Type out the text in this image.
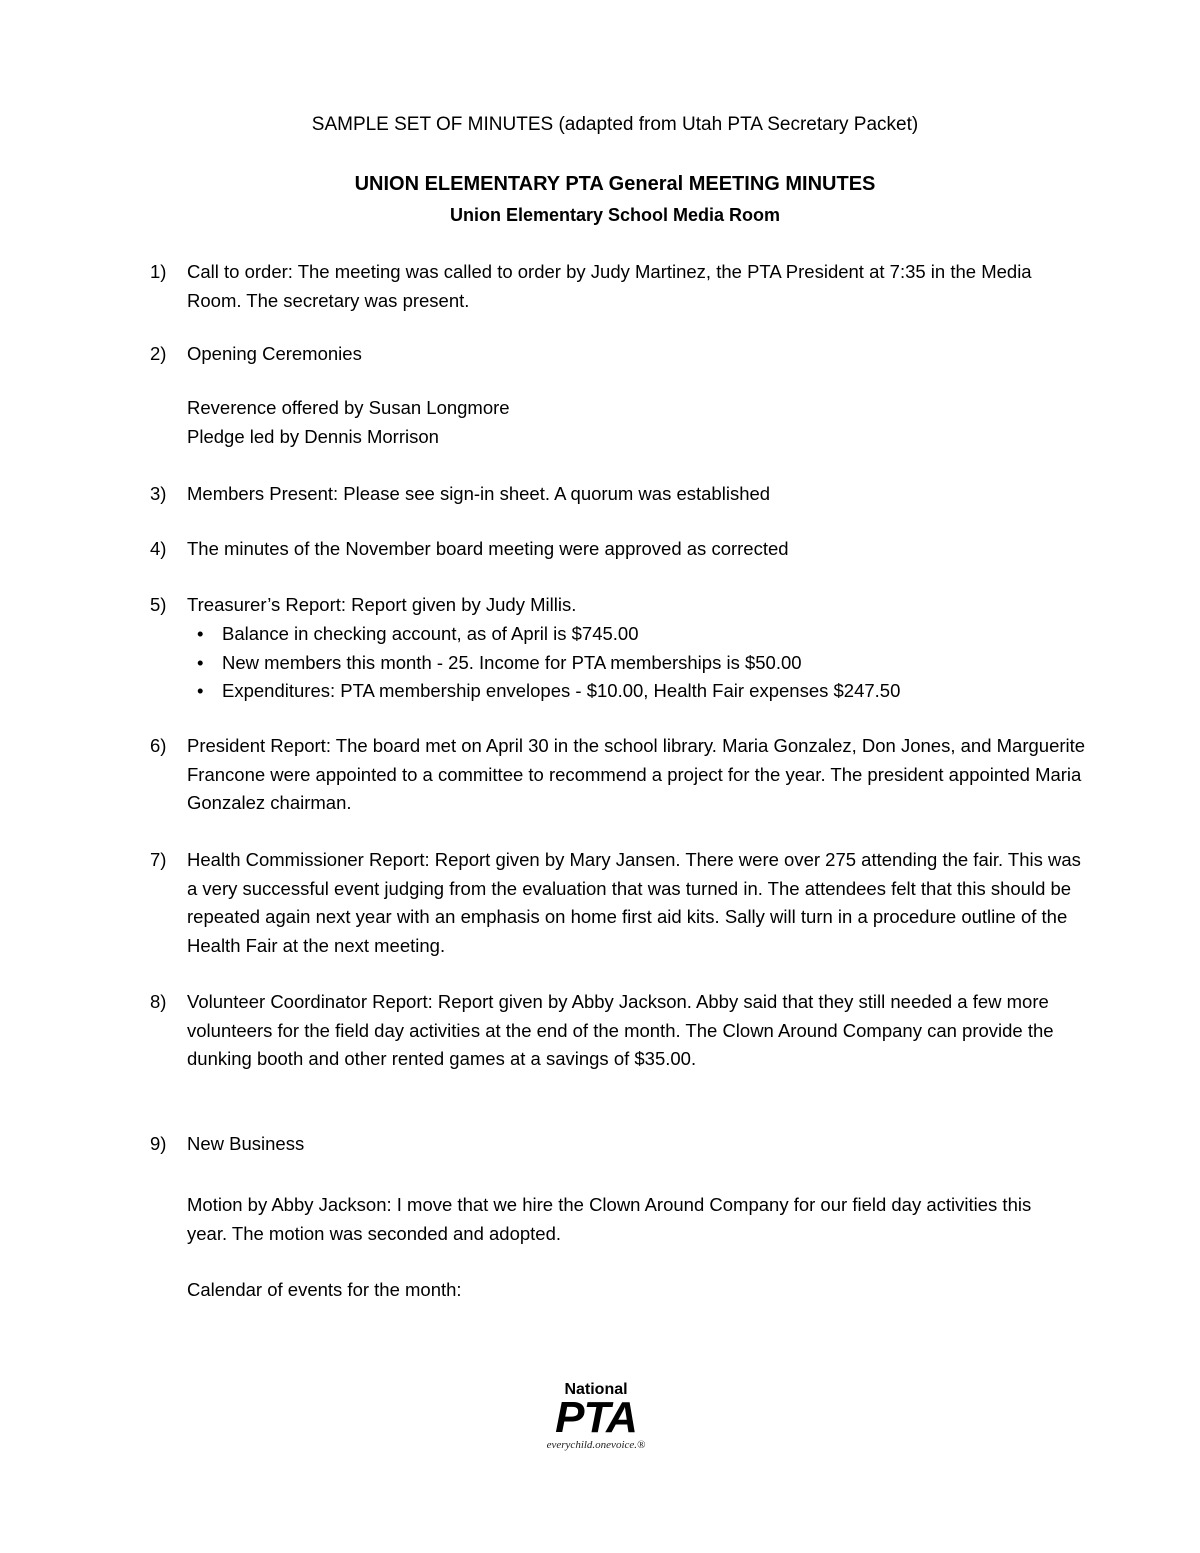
SAMPLE SET OF MINUTES (adapted from Utah PTA Secretary Packet)
UNION ELEMENTARY PTA General MEETING MINUTES
Union Elementary School Media Room
1)	Call to order: The meeting was called to order by Judy Martinez, the PTA President at 7:35 in the Media Room. The secretary was present.
2)	Opening Ceremonies
Reverence offered by Susan Longmore
Pledge led by Dennis Morrison
3)	Members Present: Please see sign-in sheet. A quorum was established
4)	The minutes of the November board meeting were approved as corrected
5)	Treasurer’s Report: Report given by Judy Millis.
• Balance in checking account, as of April is $745.00
• New members this month - 25. Income for PTA memberships is $50.00
• Expenditures: PTA membership envelopes - $10.00, Health Fair expenses $247.50
6)	President Report: The board met on April 30 in the school library. Maria Gonzalez, Don Jones, and Marguerite Francone were appointed to a committee to recommend a project for the year. The president appointed Maria Gonzalez chairman.
7)	Health Commissioner Report: Report given by Mary Jansen. There were over 275 attending the fair. This was a very successful event judging from the evaluation that was turned in. The attendees felt that this should be repeated again next year with an emphasis on home first aid kits. Sally will turn in a procedure outline of the Health Fair at the next meeting.
8)	Volunteer Coordinator Report: Report given by Abby Jackson. Abby said that they still needed a few more volunteers for the field day activities at the end of the month. The Clown Around Company can provide the dunking booth and other rented games at a savings of $35.00.
9)	New Business
Motion by Abby Jackson: I move that we hire the Clown Around Company for our field day activities this year. The motion was seconded and adopted.
Calendar of events for the month:
National
PTA
everychild.onevoice.®
